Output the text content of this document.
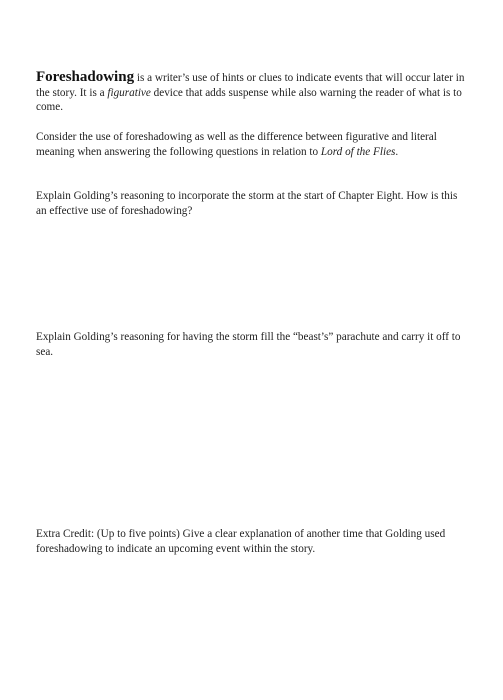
Foreshadowing is a writer’s use of hints or clues to indicate events that will occur later in the story. It is a figurative device that adds suspense while also warning the reader of what is to come.

Consider the use of foreshadowing as well as the difference between figurative and literal meaning when answering the following questions in relation to Lord of the Flies.

Explain Golding’s reasoning to incorporate the storm at the start of Chapter Eight. How is this an effective use of foreshadowing?

Explain Golding’s reasoning for having the storm fill the “beast’s” parachute and carry it off to sea.

Extra Credit: (Up to five points) Give a clear explanation of another time that Golding used foreshadowing to indicate an upcoming event within the story.
